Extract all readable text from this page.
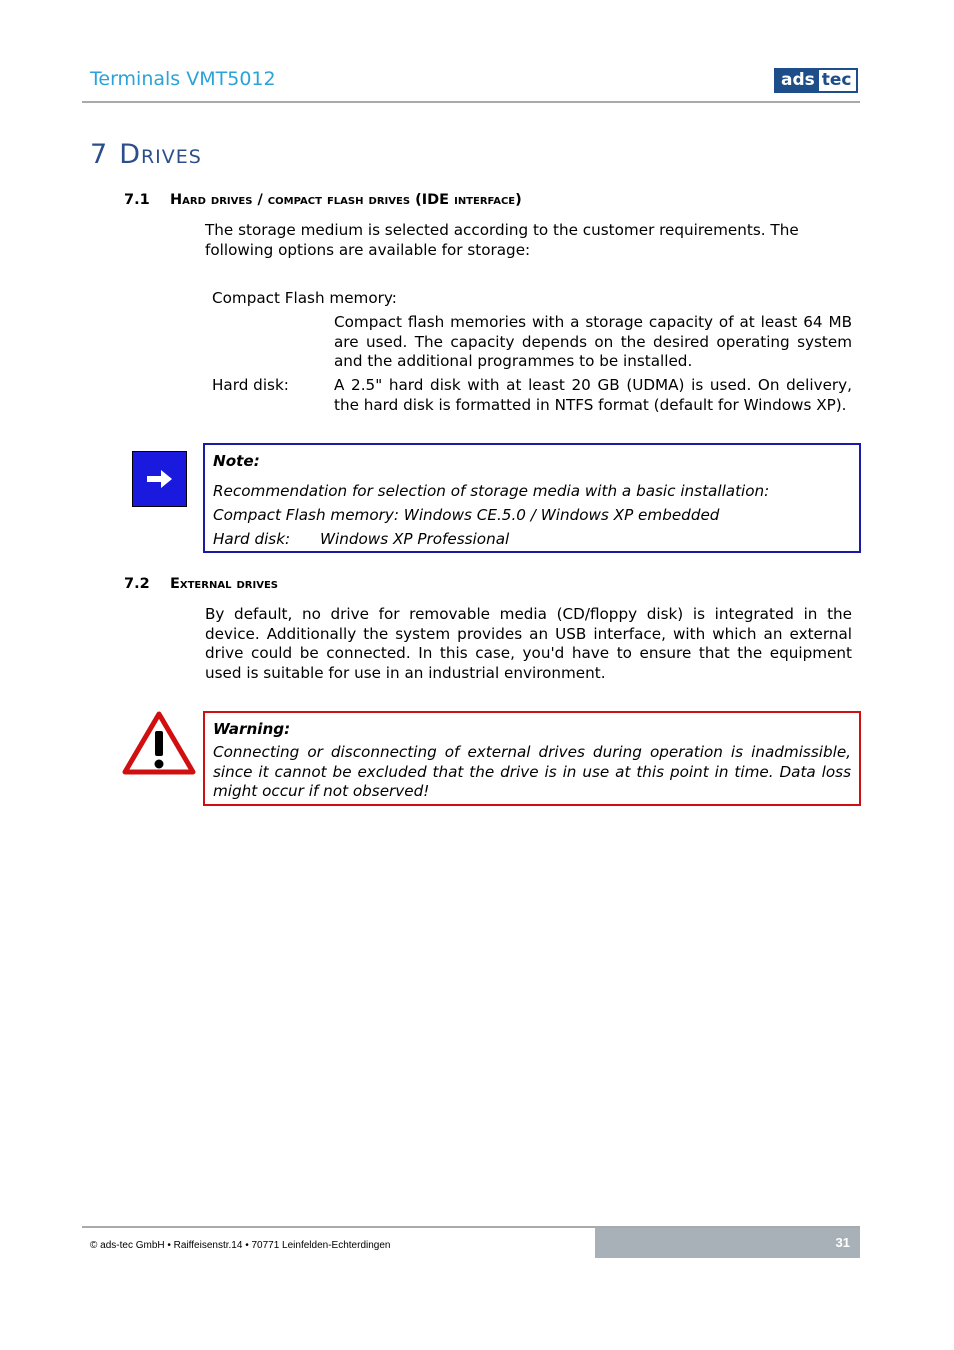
Terminals VMT5012	ads tec
7 Drives
7.1 Hard drives / compact flash drives (IDE interface)
The storage medium is selected according to the customer requirements. The following options are available for storage:
Compact Flash memory:
Compact flash memories with a storage capacity of at least 64 MB are used. The capacity depends on the desired operating system and the additional programmes to be installed.
Hard disk:	A 2.5" hard disk with at least 20 GB (UDMA) is used. On delivery, the hard disk is formatted in NTFS format (default for Windows XP).
Note:
Recommendation for selection of storage media with a basic installation:
Compact Flash memory: Windows CE.5.0 / Windows XP embedded
Hard disk: Windows XP Professional
7.2 External drives
By default, no drive for removable media (CD/floppy disk) is integrated in the device. Additionally the system provides an USB interface, with which an external drive could be connected. In this case, you'd have to ensure that the equipment used is suitable for use in an industrial environment.
Warning:
Connecting or disconnecting of external drives during operation is inadmissible, since it cannot be excluded that the drive is in use at this point in time. Data loss might occur if not observed!
© ads-tec GmbH • Raiffeisenstr.14 • 70771 Leinfelden-Echterdingen	31
